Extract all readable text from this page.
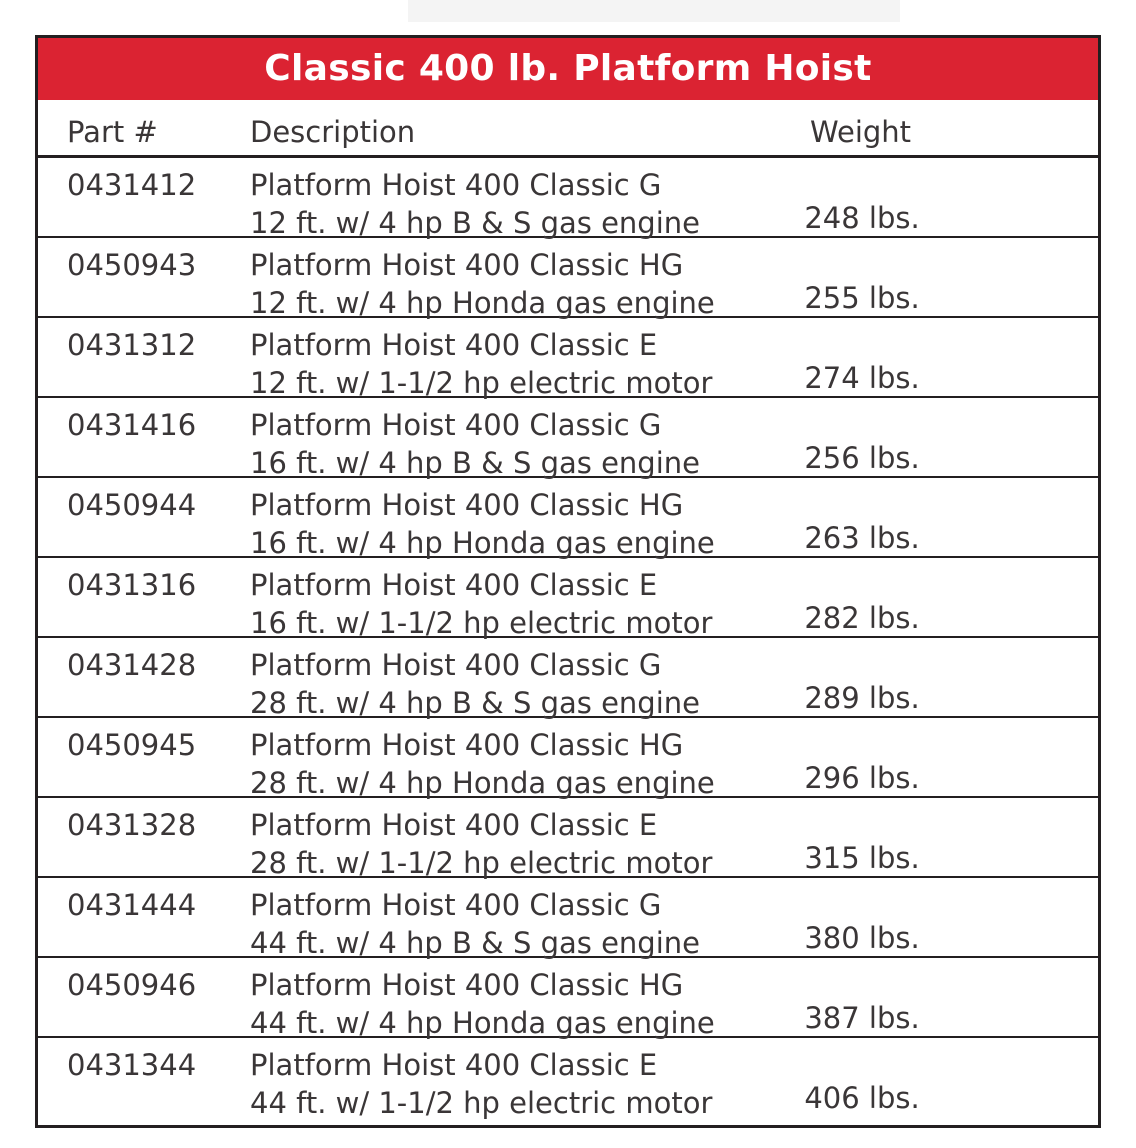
Classic 400 lb. Platform Hoist
Part #	Description	Weight
0431412 Platform Hoist 400 Classic G
12 ft. w/ 4 hp B & S gas engine	248 lbs.
0450943 Platform Hoist 400 Classic HG
12 ft. w/ 4 hp Honda gas engine	255 lbs.
0431312 Platform Hoist 400 Classic E
12 ft. w/ 1-1/2 hp electric motor	274 lbs.
0431416 Platform Hoist 400 Classic G
16 ft. w/ 4 hp B & S gas engine	256 lbs.
0450944 Platform Hoist 400 Classic HG
16 ft. w/ 4 hp Honda gas engine	263 lbs.
0431316 Platform Hoist 400 Classic E
16 ft. w/ 1-1/2 hp electric motor	282 lbs.
0431428 Platform Hoist 400 Classic G
28 ft. w/ 4 hp B & S gas engine	289 lbs.
0450945 Platform Hoist 400 Classic HG
28 ft. w/ 4 hp Honda gas engine	296 lbs.
0431328 Platform Hoist 400 Classic E
28 ft. w/ 1-1/2 hp electric motor	315 lbs.
0431444 Platform Hoist 400 Classic G
44 ft. w/ 4 hp B & S gas engine	380 lbs.
0450946 Platform Hoist 400 Classic HG
44 ft. w/ 4 hp Honda gas engine	387 lbs.
0431344 Platform Hoist 400 Classic E
44 ft. w/ 1-1/2 hp electric motor	406 lbs.
